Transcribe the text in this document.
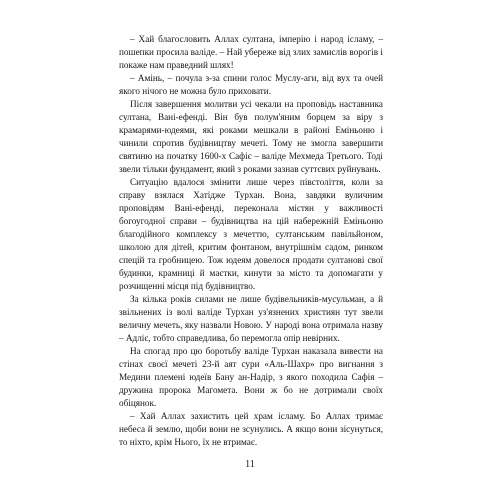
– Хай благословить Аллах султана, імперію і народ ісламу, – пошепки просила валіде. – Най убереже від злих замислів ворогів і покаже нам праведний шлях!

– Амінь, – почула з-за спини голос Муслу-аги, від вух та очей якого нічого не можна було приховати.

Після завершення молитви усі чекали на проповідь наставника султана, Вані-ефенді. Він був полум'яним борцем за віру з крамарями-юдеями, які роками мешкали в районі Еміньоню і чинили спротив будівництву мечеті. Тому не змогла завершити святиню на початку 1600-х Сафіє – валіде Мехмеда Третього. Тоді звели тільки фундамент, який з роками зазнав суттєвих руйнувань.

Ситуацію вдалося змінити лише через півстоліття, коли за справу взялася Хатідже Турхан. Вона, завдяки вуличним проповідям Вані-ефенді, переконала містян у важливості богоугодної справи – будівництва на цій набережній Еміньоню благодійного комплексу з мечеттю, султанським павільйоном, школою для дітей, критим фонтаном, внутрішнім садом, ринком спецій та гробницею. Тож юдеям довелося продати султанові свої будинки, крамниці й маєтки, кинути за місто та допомагати у розчищенні місця під будівництво.

За кілька років силами не лише будівельників-мусульман, а й звільнених із волі валіде Турхан уз'язнених християн тут звели величну мечеть, яку назвали Новою. У народі вона отримала назву – Адліє, тобто справедлива, бо перемогла опір невірних.

На спогад про цю боротьбу валіде Турхан наказала вивести на стінах своєї мечеті 23-й аят сури «Аль-Шахр» про вигнання з Медини племені юдеїв Бану ан-Надір, з якого походила Сафія – дружина пророка Магомета. Вони ж бо не дотримали своїх обіцянок.

– Хай Аллах захистить цей храм ісламу. Бо Аллах тримає небеса й землю, щоби вони не зсунулись. А якщо вони зісунуться, то ніхто, крім Нього, їх не втримає.

11
